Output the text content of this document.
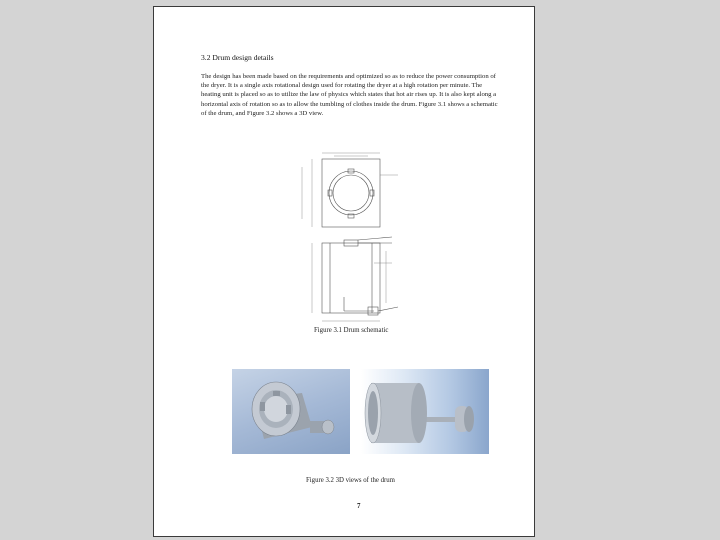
3.2 Drum design details
The design has been made based on the requirements and optimized so as to reduce the power consumption of the dryer. It is a single axis rotational design used for rotating the dryer at a high rotation per minute. The heating unit is placed so as to utilize the law of physics which states that hot air rises up. It is also kept along a horizontal axis of rotation so as to allow the tumbling of clothes inside the drum. Figure 3.1 shows a schematic of the drum, and Figure 3.2 shows a 3D view.
Figure 3.1 Drum schematic
Figure 3.2 3D views of the drum
7
